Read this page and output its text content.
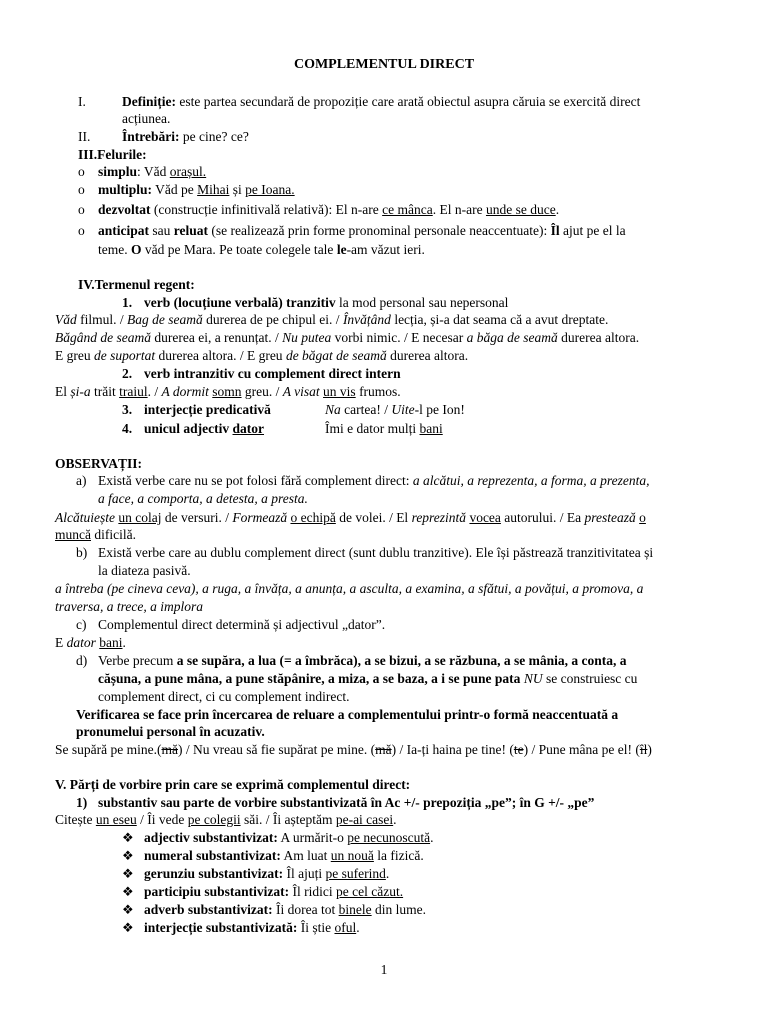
COMPLEMENTUL DIRECT
I.	Definiție: este partea secundară de propoziție care arată obiectul asupra căruia se exercită direct
acțiunea.
II. Întrebări: pe cine? ce?
III.Felurile:
o simplu: Văd orașul.
o multiplu: Văd pe Mihai și pe Ioana.
o dezvoltat (construcție infinitivală relativă): El n-are ce mânca. El n-are unde se duce.
o anticipat sau reluat (se realizează prin forme pronominal personale neaccentuate): Îl ajut pe el la
teme. O văd pe Mara. Pe toate colegele tale le-am văzut ieri.
IV.Termenul regent:
1. verb (locuțiune verbală) tranzitiv la mod personal sau nepersonal
Văd filmul. / Bag de seamă durerea de pe chipul ei. / Învățând lecția, și-a dat seama că a avut dreptate.
Băgând de seamă durerea ei, a renunțat. / Nu putea vorbi nimic. / E necesar a băga de seamă durerea altora.
E greu de suportat durerea altora. / E greu de băgat de seamă durerea altora.
2. verb intranzitiv cu complement direct intern
El și-a trăit traiul. / A dormit somn greu. / A visat un vis frumos.
3. interjecție predicativă	Na cartea! / Uite-l pe Ion!
4. unicul adjectiv dator	Îmi e dator mulți bani
OBSERVAȚII:
a) Există verbe care nu se pot folosi fără complement direct: a alcătui, a reprezenta, a forma, a prezenta,
a face, a comporta, a detesta, a presta.
Alcătuiește un colaj de versuri. / Formează o echipă de volei. / El reprezintă vocea autorului. / Ea prestează o
muncă dificilă.
b) Există verbe care au dublu complement direct (sunt dublu tranzitive). Ele își păstrează tranzitivitatea și
la diateza pasivă.
a întreba (pe cineva ceva), a ruga, a învăța, a anunța, a asculta, a examina, a sfătui, a povățui, a promova, a
traversa, a trece, a implora
c) Complementul direct determină și adjectivul „dator”.
E dator bani.
d) Verbe precum a se supăra, a lua (= a îmbrăca), a se bizui, a se răzbuna, a se mânia, a conta, a
cășuna, a pune mâna, a pune stăpânire, a miza, a se baza, a i se pune pata NU se construiesc cu
complement direct, ci cu complement indirect.
Verificarea se face prin încercarea de reluare a complementului printr-o formă neaccentuată a
pronumelui personal în acuzativ.
Se supără pe mine.(mă) / Nu vreau să fie supărat pe mine. (mă) / Ia-ți haina pe tine! (te) / Pune mâna pe el! (îl)
V. Părți de vorbire prin care se exprimă complementul direct:
1) substantiv sau parte de vorbire substantivizată în Ac +/- prepoziția „pe”; în G +/- „pe”
Citește un eseu / Îi vede pe colegii săi. / Îi așteptăm pe-ai casei.
❖ adjectiv substantivizat: A urmărit-o pe necunoscută.
❖ numeral substantivizat: Am luat un nouă la fizică.
❖ gerunziu substantivizat: Îl ajuți pe suferind.
❖ participiu substantivizat: Îl ridici pe cel căzut.
❖ adverb substantivizat: Îi dorea tot binele din lume.
❖ interjecție substantivizată: Îi știe oful.
1
